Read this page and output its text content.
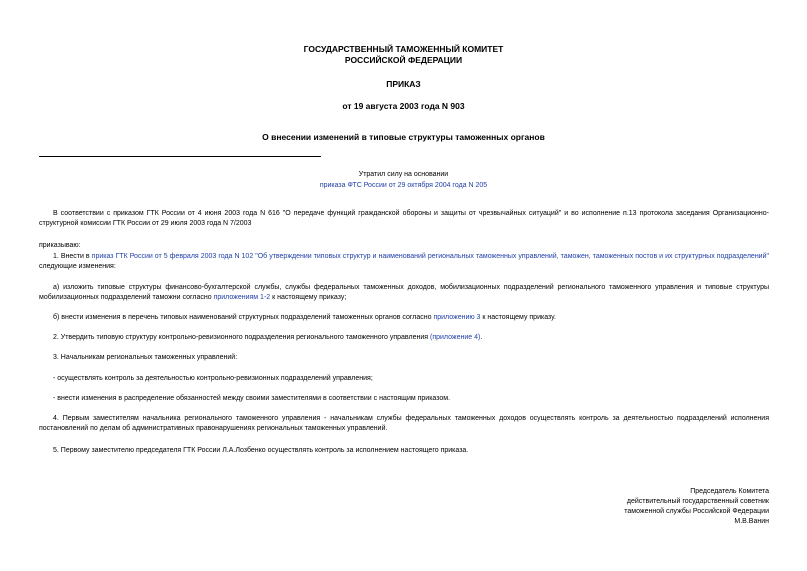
ГОСУДАРСТВЕННЫЙ ТАМОЖЕННЫЙ КОМИТЕТ
РОССИЙСКОЙ ФЕДЕРАЦИИ
ПРИКАЗ
от 19 августа 2003 года N 903
О внесении изменений в типовые структуры таможенных органов
Утратил силу на основании
приказа ФТС России от 29 октября 2004 года N 205
В соответствии с приказом ГТК России от 4 июня 2003 года N 616 "О передаче функций гражданской обороны и защиты от чрезвычайных ситуаций" и во исполнение п.13 протокола заседания Организационно-структурной комиссии ГТК России от 29 июля 2003 года N 7/2003
приказываю:
1. Внести в приказ ГТК России от 5 февраля 2003 года N 102 "Об утверждении типовых структур и наименований региональных таможенных управлений, таможен, таможенных постов и их структурных подразделений" следующие изменения:
а) изложить типовые структуры финансово-бухгалтерской службы, службы федеральных таможенных доходов, мобилизационных подразделений регионального таможенного управления и типовые структуры мобилизационных подразделений таможни согласно приложениям 1-2 к настоящему приказу;
б) внести изменения в перечень типовых наименований структурных подразделений таможенных органов согласно приложению 3 к настоящему приказу.
2. Утвердить типовую структуру контрольно-ревизионного подразделения регионального таможенного управления (приложение 4).
3. Начальникам региональных таможенных управлений:
- осуществлять контроль за деятельностью контрольно-ревизионных подразделений управления;
- внести изменения в распределение обязанностей между своими заместителями в соответствии с настоящим приказом.
4. Первым заместителям начальника регионального таможенного управления - начальникам службы федеральных таможенных доходов осуществлять контроль за деятельностью подразделений исполнения постановлений по делам об административных правонарушениях региональных таможенных управлений.
5. Первому заместителю председателя ГТК России Л.А.Лозбенко осуществлять контроль за исполнением настоящего приказа.
Председатель Комитета
действительный государственный советник
таможенной службы Российской Федерации
М.В.Ванин
